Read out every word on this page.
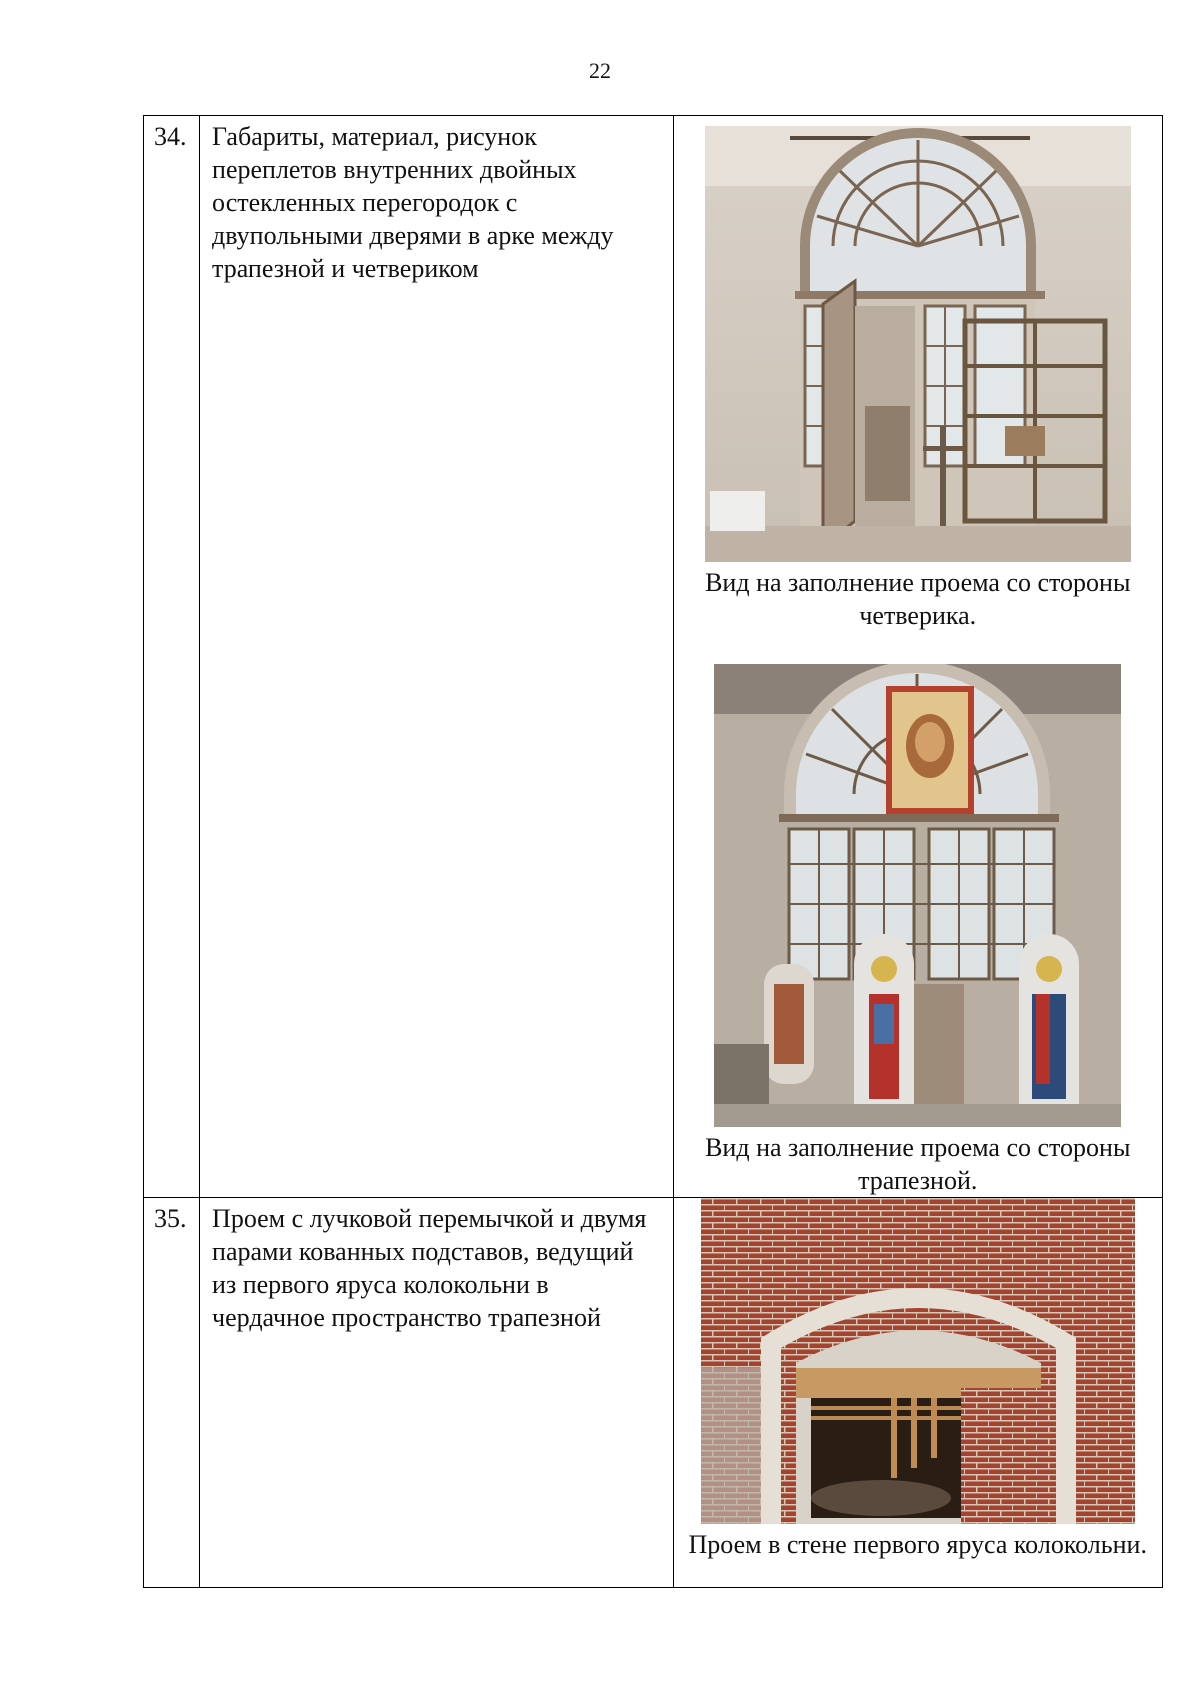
22
34.	Габариты, материал, рисунок переплетов внутренних двойных остекленных перегородок с двупольными дверями в арке между трапезной и четвериком	Вид на заполнение проема со стороны четверика.
Вид на заполнение проема со стороны трапезной.

35.	Проем с лучковой перемычкой и двумя парами кованных подставов, ведущий из первого яруса колокольни в чердачное пространство трапезной	Проем в стене первого яруса колокольни.
